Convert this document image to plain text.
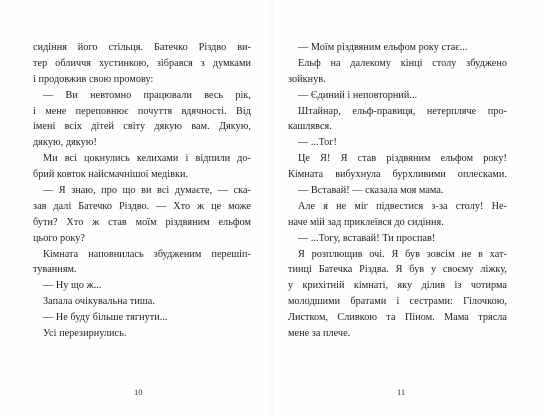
сидіння його стільця. Батечко Різдво ви-
тер обличчя хустинкою, зібрався з думками
і продовжив свою промову:
— Ви невтомно працювали весь рік,
і мене переповнює почуття вдячності. Від
імені всіх дітей світу дякую вам. Дякую,
дякую, дякую!
Ми всі цокнулись келихами і відпили до-
брий ковток найсмачнішої медівки.
— Я знаю, про що ви всі думаєте, — ска-
зав далі Батечко Різдво. — Хто ж це може
бути? Хто ж став моїм різдвяним ельфом
цього року?
Кімната наповнилась збудженим перешіп-
туванням.
— Ну що ж...
Запала очікувальна тиша.
— Не буду більше тягнути...
Усі перезирнулись.
— Моїм різдвяним ельфом року стає...
Ельф на далекому кінці столу збуджено
зойкнув.
— Єдиний і неповторний...
Штайнар, ельф-правиця, нетерпляче про-
кашлявся.
— ...Тог!
Це Я! Я став різдвяним ельфом року!
Кімната вибухнула бурхливими оплесками.
— Вставай! — сказала моя мама.
Але я не міг підвестися з-за столу! Не-
наче мій зад приклеївся до сидіння.
— ...Тогу, вставай! Ти проспав!
Я розплющив очі. Я був зовсім не в хат-
тинці Батечка Різдва. Я був у своєму ліжку,
у крихітній кімнаті, яку ділив із чотирма
молодшими братами і сестрами: Гілочкою,
Листком, Сливкою та Піном. Мама трясла
мене за плече.
10	11
